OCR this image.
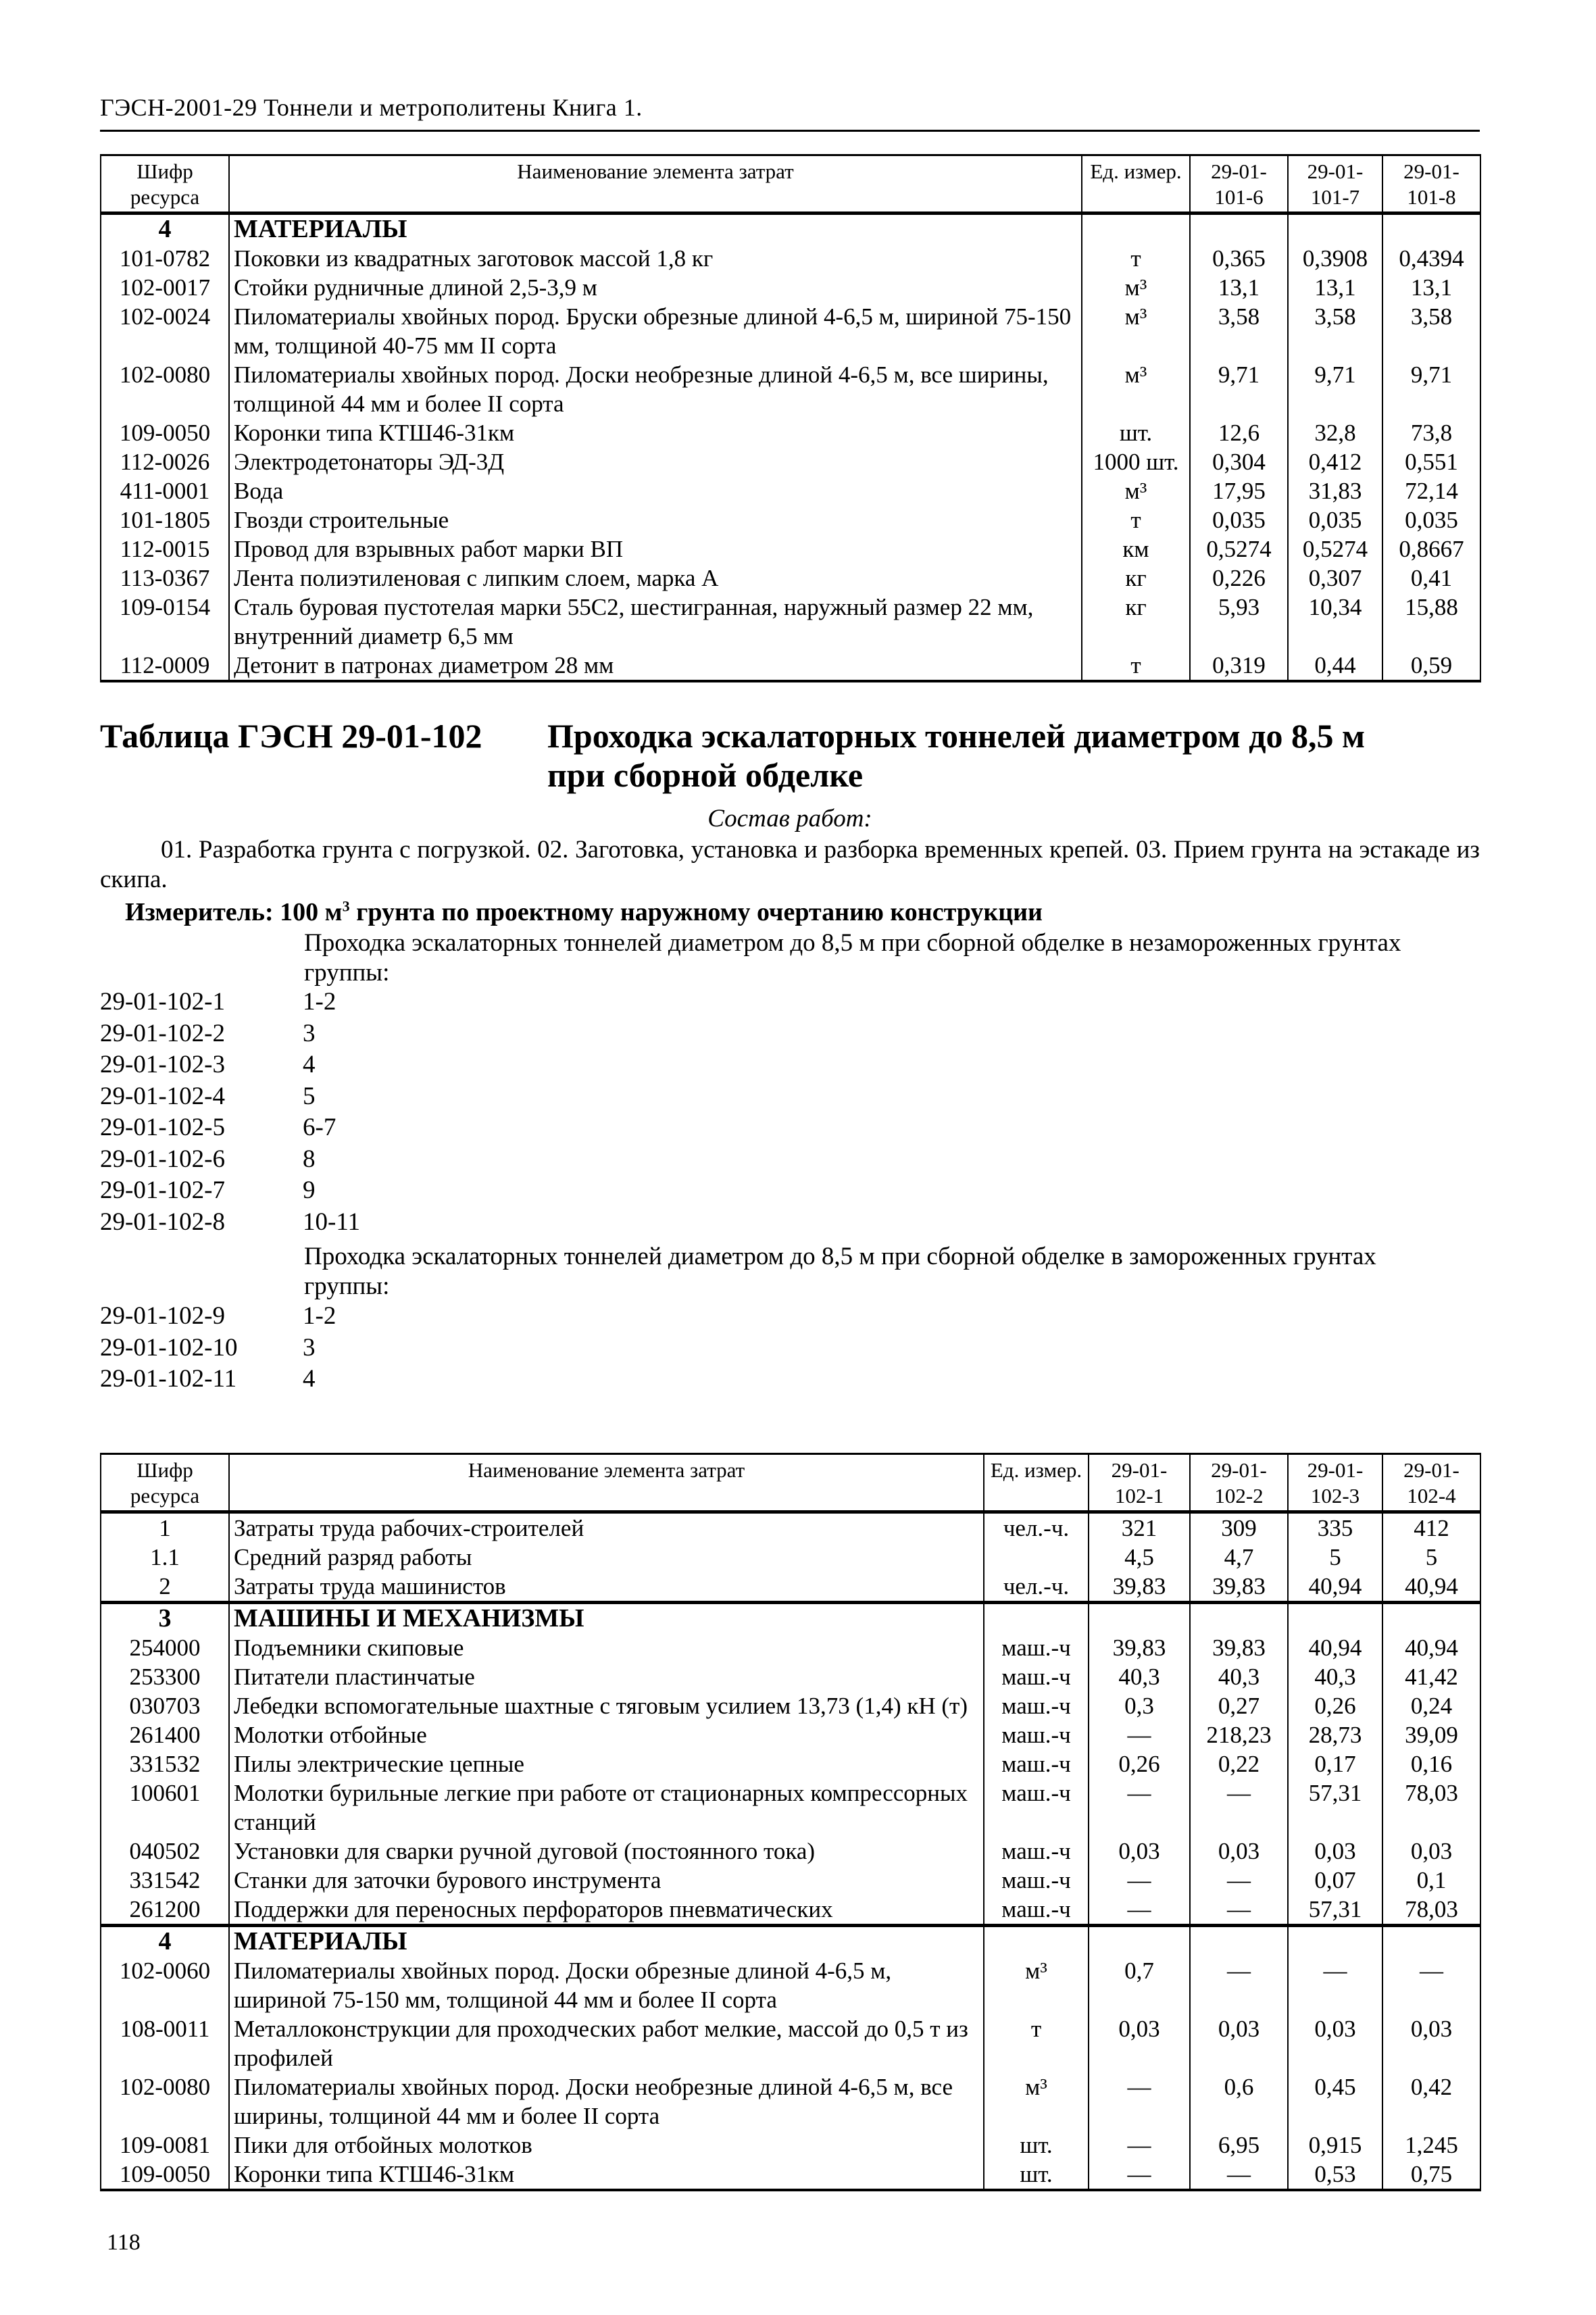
ГЭСН-2001-29 Тоннели и метрополитены Книга 1.
Шифр ресурса	Наименование элемента затрат	Ед. измер.	29-01-101-6	29-01-101-7	29-01-101-8
4	МАТЕРИАЛЫ				
101-0782	Поковки из квадратных заготовок массой 1,8 кг	т	0,365	0,3908	0,4394
102-0017	Стойки рудничные длиной 2,5-3,9 м	м³	13,1	13,1	13,1
102-0024	Пиломатериалы хвойных пород. Бруски обрезные длиной 4-6,5 м, шириной 75-150 мм, толщиной 40-75 мм II сорта	м³	3,58	3,58	3,58
102-0080	Пиломатериалы хвойных пород. Доски необрезные длиной 4-6,5 м, все ширины, толщиной 44 мм и более II сорта	м³	9,71	9,71	9,71
109-0050	Коронки типа КТШ46-31км	шт.	12,6	32,8	73,8
112-0026	Электродетонаторы ЭД-3Д	1000 шт.	0,304	0,412	0,551
411-0001	Вода	м³	17,95	31,83	72,14
101-1805	Гвозди строительные	т	0,035	0,035	0,035
112-0015	Провод для взрывных работ марки ВП	км	0,5274	0,5274	0,8667
113-0367	Лента полиэтиленовая с липким слоем, марка А	кг	0,226	0,307	0,41
109-0154	Сталь буровая пустотелая марки 55С2, шестигранная, наружный размер 22 мм, внутренний диаметр 6,5 мм	кг	5,93	10,34	15,88
112-0009	Детонит в патронах диаметром 28 мм	т	0,319	0,44	0,59
Таблица ГЭСН 29-01-102 Проходка эскалаторных тоннелей диаметром до 8,5 м при сборной обделке
Состав работ:
01. Разработка грунта с погрузкой. 02. Заготовка, установка и разборка временных крепей. 03. Прием грунта на эстакаде из скипа.
Измеритель: 100 $м^3$ грунта по проектному наружному очертанию конструкции
Проходка эскалаторных тоннелей диаметром до 8,5 м при сборной обделке в незамороженных грунтах группы:
29-01-102-1	1-2
29-01-102-2	3
29-01-102-3	4
29-01-102-4	5
29-01-102-5	6-7
29-01-102-6	8
29-01-102-7	9
29-01-102-8	10-11
Проходка эскалаторных тоннелей диаметром до 8,5 м при сборной обделке в замороженных грунтах группы:
29-01-102-9	1-2
29-01-102-10	3
29-01-102-11	4
Шифр ресурса	Наименование элемента затрат	Ед. измер.	29-01-102-1	29-01-102-2	29-01-102-3	29-01-102-4
1	Затраты труда рабочих-строителей	чел.-ч.	321	309	335	412
1.1	Средний разряд работы		4,5	4,7	5	5
2	Затраты труда машинистов	чел.-ч.	39,83	39,83	40,94	40,94
3	МАШИНЫ И МЕХАНИЗМЫ					
254000	Подъемники скиповые	маш.-ч	39,83	39,83	40,94	40,94
253300	Питатели пластинчатые	маш.-ч	40,3	40,3	40,3	41,42
030703	Лебедки вспомогательные шахтные с тяговым усилием 13,73 (1,4) кН (т)	маш.-ч	0,3	0,27	0,26	0,24
261400	Молотки отбойные	маш.-ч	—	218,23	28,73	39,09
331532	Пилы электрические цепные	маш.-ч	0,26	0,22	0,17	0,16
100601	Молотки бурильные легкие при работе от стационарных компрессорных станций	маш.-ч	—	—	57,31	78,03
040502	Установки для сварки ручной дуговой (постоянного тока)	маш.-ч	0,03	0,03	0,03	0,03
331542	Станки для заточки бурового инструмента	маш.-ч	—	—	0,07	0,1
261200	Поддержки для переносных перфораторов пневматических	маш.-ч	—	—	57,31	78,03
4	МАТЕРИАЛЫ					
102-0060	Пиломатериалы хвойных пород. Доски обрезные длиной 4-6,5 м, шириной 75-150 мм, толщиной 44 мм и более II сорта	м³	0,7	—	—	—
108-0011	Металлоконструкции для проходческих работ мелкие, массой до 0,5 т из профилей	т	0,03	0,03	0,03	0,03
102-0080	Пиломатериалы хвойных пород. Доски необрезные длиной 4-6,5 м, все ширины, толщиной 44 мм и более II сорта	м³	—	0,6	0,45	0,42
109-0081	Пики для отбойных молотков	шт.	—	6,95	0,915	1,245
109-0050	Коронки типа КТШ46-31км	шт.	—	—	0,53	0,75
118
